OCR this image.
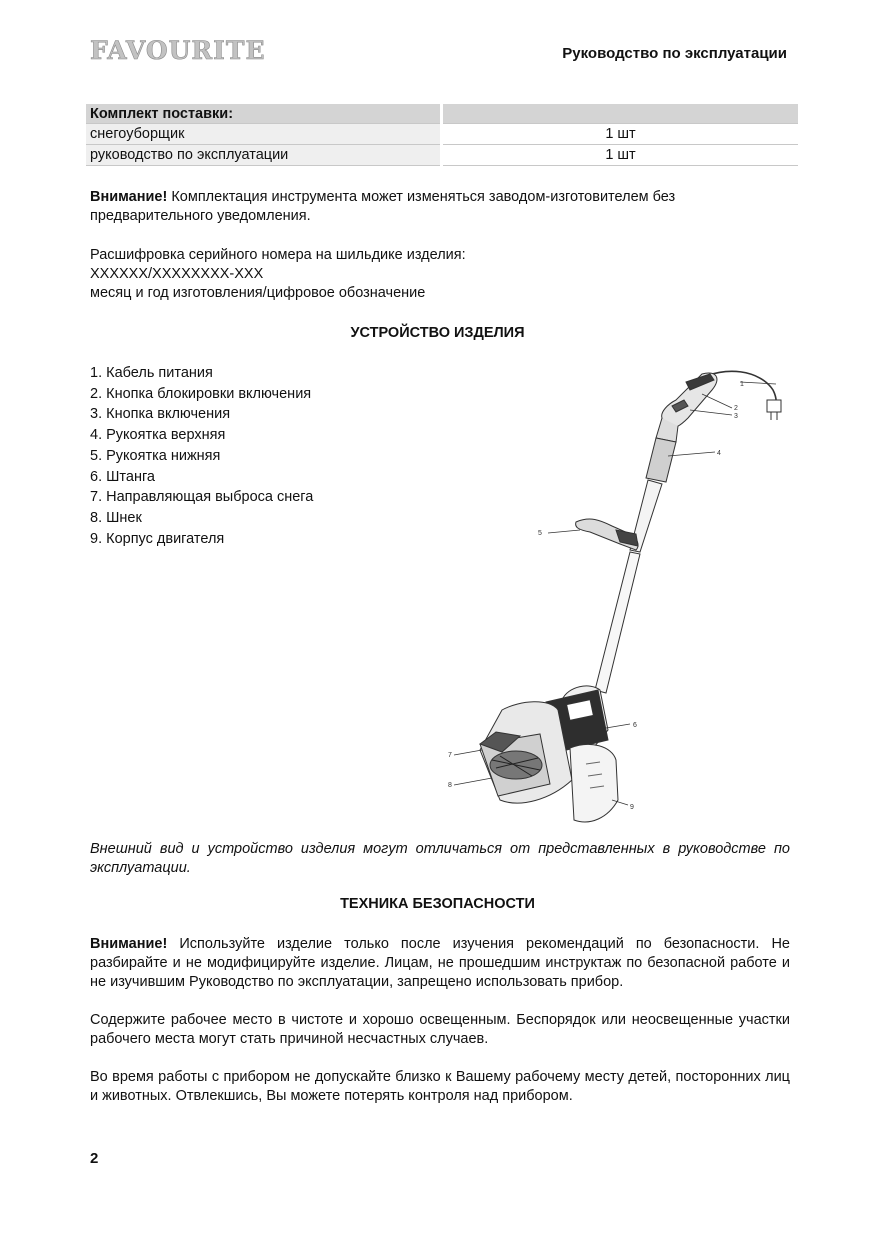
FAVOURITE	Руководство по эксплуатации
Комплект поставки:	
снегоуборщик	1 шт
руководство по эксплуатации	1 шт
Внимание! Комплектация инструмента может изменяться заводом-изготовителем без предварительного уведомления.
Расшифровка серийного номера на шильдике изделия:
XXXXXX/XXXXXXXX-XXX
месяц и год изготовления/цифровое обозначение
УСТРОЙСТВО ИЗДЕЛИЯ
1. Кабель питания
2. Кнопка блокировки включения
3. Кнопка включения
4. Рукоятка верхняя
5. Рукоятка нижняя
6. Штанга
7. Направляющая выброса снега
8. Шнек
9. Корпус двигателя
1
2
3
4
5
6
7
8
9
Внешний вид и устройство изделия могут отличаться от представленных в руководстве по эксплуатации.
ТЕХНИКА БЕЗОПАСНОСТИ
Внимание! Используйте изделие только после изучения рекомендаций по безопасности. Не разбирайте и не модифицируйте изделие. Лицам, не прошедшим инструктаж по безопасной работе и не изучившим Руководство по эксплуатации, запрещено использовать прибор.
Содержите рабочее место в чистоте и хорошо освещенным. Беспорядок или неосвещенные участки рабочего места могут стать причиной несчастных случаев.
Во время работы с прибором не допускайте близко к Вашему рабочему месту детей, посторонних лиц и животных. Отвлекшись, Вы можете потерять контроля над прибором.
2
